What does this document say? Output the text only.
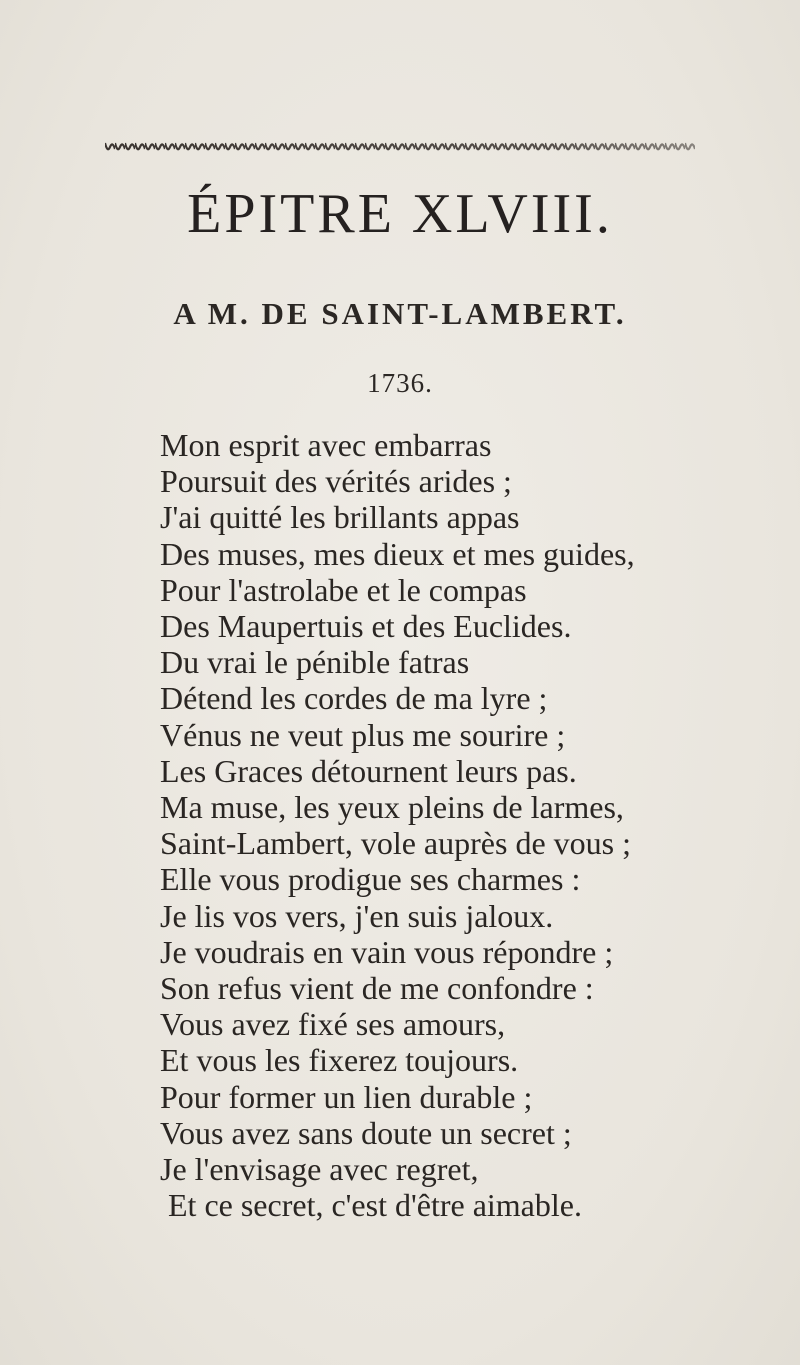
ÉPITRE XLVIII.
A M. DE SAINT-LAMBERT.
1736.
Mon esprit avec embarras
Poursuit des vérités arides ;
J'ai quitté les brillants appas
Des muses, mes dieux et mes guides,
Pour l'astrolabe et le compas
Des Maupertuis et des Euclides.
Du vrai le pénible fatras
Détend les cordes de ma lyre ;
Vénus ne veut plus me sourire ;
Les Graces détournent leurs pas.
Ma muse, les yeux pleins de larmes,
Saint-Lambert, vole auprès de vous ;
Elle vous prodigue ses charmes :
Je lis vos vers, j'en suis jaloux.
Je voudrais en vain vous répondre ;
Son refus vient de me confondre :
Vous avez fixé ses amours,
Et vous les fixerez toujours.
Pour former un lien durable ;
Vous avez sans doute un secret ;
Je l'envisage avec regret,
Et ce secret, c'est d'être aimable.
